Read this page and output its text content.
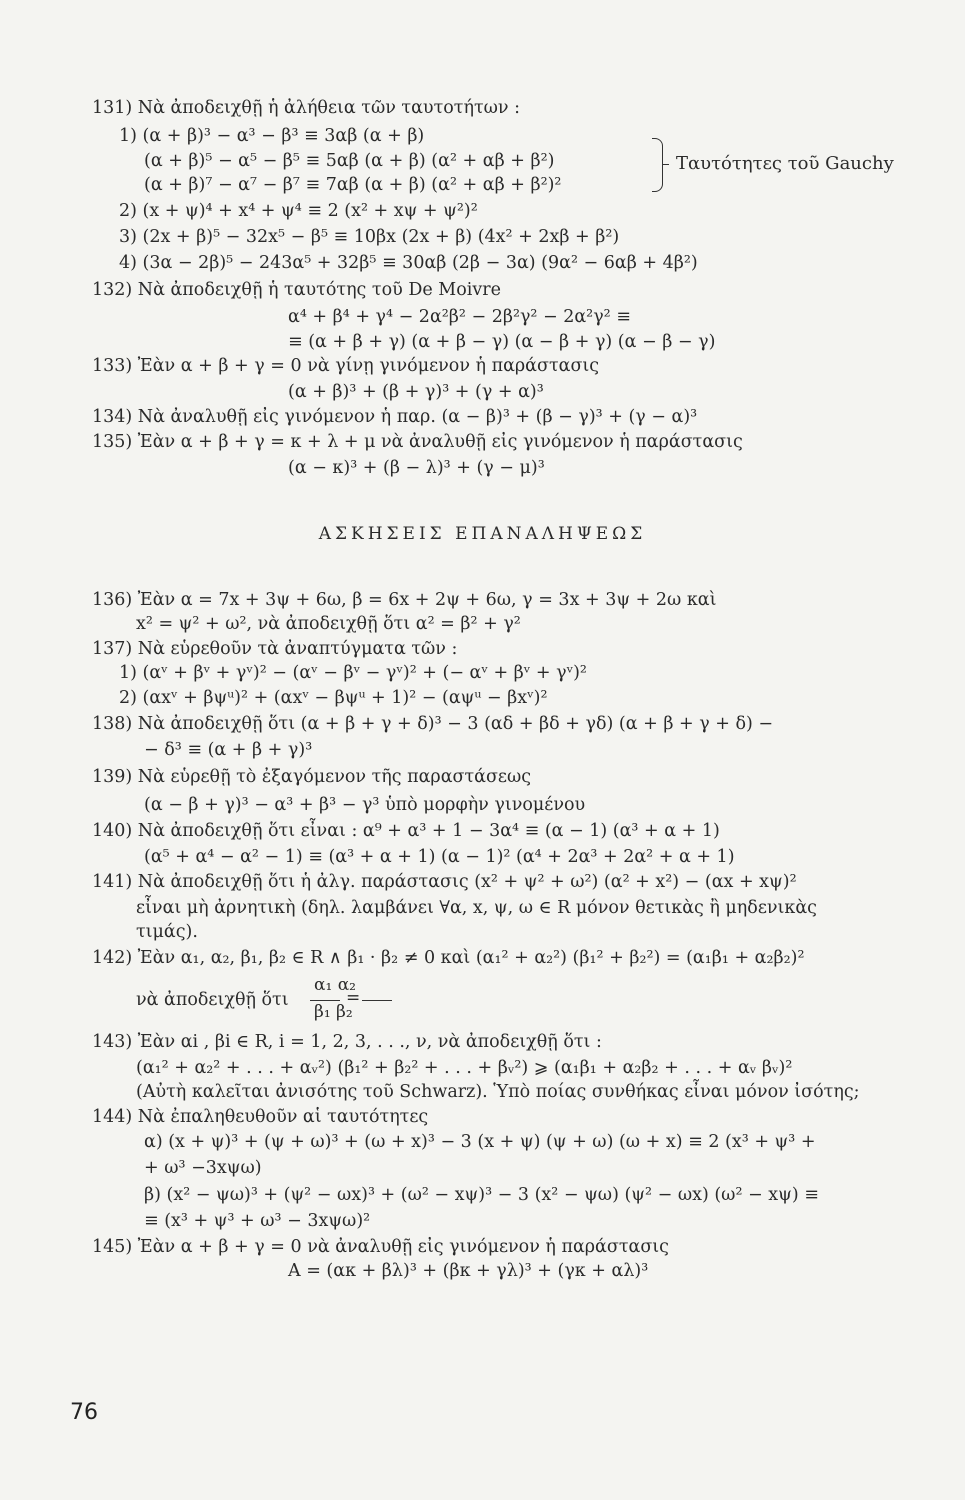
131) Νὰ ἀποδειχθῇ ἡ ἀλήθεια τῶν ταυτοτήτων :
1) (α + β)³ − α³ − β³ ≡ 3αβ (α + β)
(α + β)⁵ − α⁵ − β⁵ ≡ 5αβ (α + β) (α² + αβ + β²)
(α + β)⁷ − α⁷ − β⁷ ≡ 7αβ (α + β) (α² + αβ + β²)²
Ταυτότητες τοῦ Gauchy
2) (x + ψ)⁴ + x⁴ + ψ⁴ ≡ 2 (x² + xψ + ψ²)²
3) (2x + β)⁵ − 32x⁵ − β⁵ ≡ 10βx (2x + β) (4x² + 2xβ + β²)
4) (3α − 2β)⁵ − 243α⁵ + 32β⁵ ≡ 30αβ (2β − 3α) (9α² − 6αβ + 4β²)
132) Νὰ ἀποδειχθῇ ἡ ταυτότης τοῦ De Moivre
α⁴ + β⁴ + γ⁴ − 2α²β² − 2β²γ² − 2α²γ² ≡
≡ (α + β + γ) (α + β − γ) (α − β + γ) (α − β − γ)
133) Ἐὰν α + β + γ = 0 νὰ γίνῃ γινόμενον ἡ παράστασις
(α + β)³ + (β + γ)³ + (γ + α)³
134) Νὰ ἀναλυθῇ εἰς γινόμενον ἡ παρ. (α − β)³ + (β − γ)³ + (γ − α)³
135) Ἐὰν α + β + γ = κ + λ + μ νὰ ἀναλυθῇ εἰς γινόμενον ἡ παράστασις
(α − κ)³ + (β − λ)³ + (γ − μ)³
ΑΣΚΗΣΕΙΣ ΕΠΑΝΑΛΗΨΕΩΣ
136) Ἐὰν α = 7x + 3ψ + 6ω, β = 6x + 2ψ + 6ω, γ = 3x + 3ψ + 2ω καὶ
x² = ψ² + ω², νὰ ἀποδειχθῇ ὅτι α² = β² + γ²
137) Νὰ εὑρεθοῦν τὰ ἀναπτύγματα τῶν :
1) (αᵛ + βᵛ + γᵛ)² − (αᵛ − βᵛ − γᵛ)² + (− αᵛ + βᵛ + γᵛ)²
2) (αxᵛ + βψᵘ)² + (αxᵛ − βψᵘ + 1)² − (αψᵘ − βxᵛ)²
138) Νὰ ἀποδειχθῇ ὅτι (α + β + γ + δ)³ − 3 (αδ + βδ + γδ) (α + β + γ + δ) −
− δ³ ≡ (α + β + γ)³
139) Νὰ εὑρεθῇ τὸ ἐξαγόμενον τῆς παραστάσεως
(α − β + γ)³ − α³ + β³ − γ³ ὑπὸ μορφὴν γινομένου
140) Νὰ ἀποδειχθῇ ὅτι εἶναι : α⁹ + α³ + 1 − 3α⁴ ≡ (α − 1) (α³ + α + 1)
(α⁵ + α⁴ − α² − 1) ≡ (α³ + α + 1) (α − 1)² (α⁴ + 2α³ + 2α² + α + 1)
141) Νὰ ἀποδειχθῇ ὅτι ἡ ἀλγ. παράστασις (x² + ψ² + ω²) (α² + x²) − (αx + xψ)²
εἶναι μὴ ἀρνητικὴ (δηλ. λαμβάνει ∀α, x, ψ, ω ∈ R μόνον θετικὰς ἢ μηδενικὰς
τιμάς).
142) Ἐὰν α₁, α₂, β₁, β₂ ∈ R ∧ β₁ · β₂ ≠ 0 καὶ (α₁² + α₂²) (β₁² + β₂²) = (α₁β₁ + α₂β₂)²
νὰ ἀποδειχθῇ ὅτι
α₁ α₂
=
β₁ β₂
143) Ἐὰν αi , βi ∈ R, i = 1, 2, 3, . . ., ν, νὰ ἀποδειχθῇ ὅτι :
(α₁² + α₂² + . . . + αᵥ²) (β₁² + β₂² + . . . + βᵥ²) ⩾ (α₁β₁ + α₂β₂ + . . . + αᵥ βᵥ)²
(Αὐτὴ καλεῖται ἀνισότης τοῦ Schwarz). Ὑπὸ ποίας συνθήκας εἶναι μόνον ἰσότης;
144) Νὰ ἐπαληθευθοῦν αἱ ταυτότητες
α) (x + ψ)³ + (ψ + ω)³ + (ω + x)³ − 3 (x + ψ) (ψ + ω) (ω + x) ≡ 2 (x³ + ψ³ +
+ ω³ −3xψω)
β) (x² − ψω)³ + (ψ² − ωx)³ + (ω² − xψ)³ − 3 (x² − ψω) (ψ² − ωx) (ω² − xψ) ≡
≡ (x³ + ψ³ + ω³ − 3xψω)²
145) Ἐὰν α + β + γ = 0 νὰ ἀναλυθῇ εἰς γινόμενον ἡ παράστασις
A = (ακ + βλ)³ + (βκ + γλ)³ + (γκ + αλ)³
76
